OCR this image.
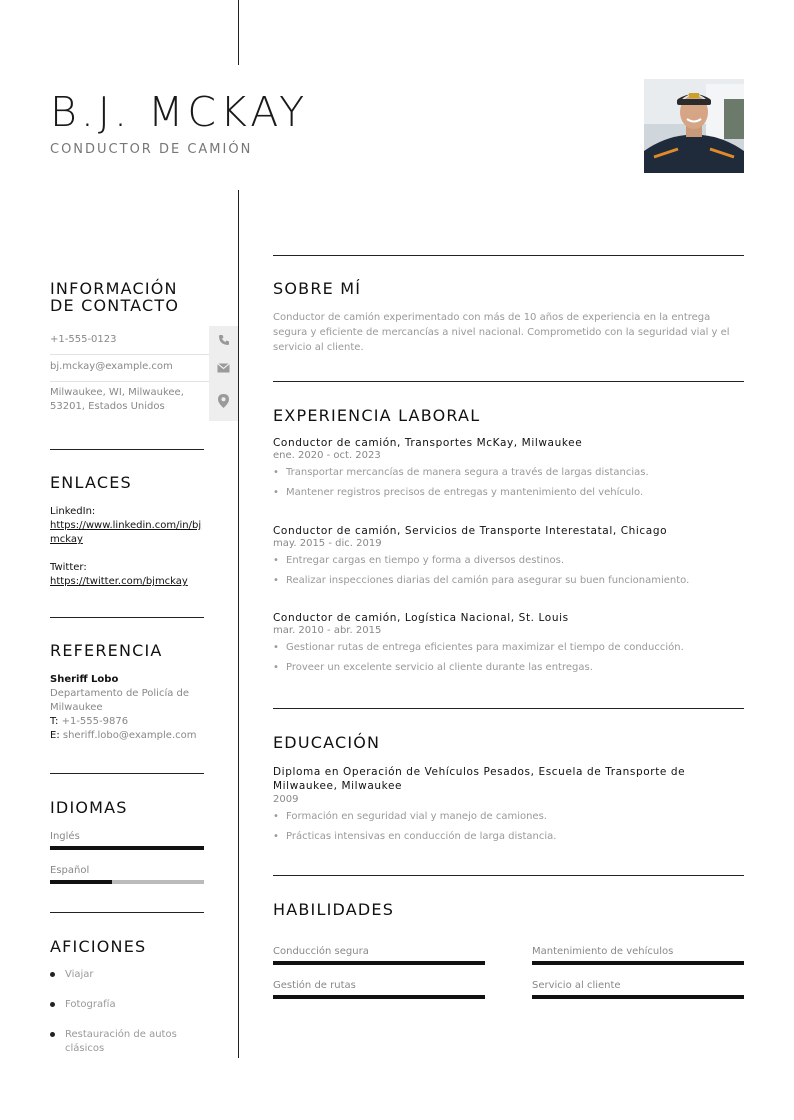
B.J. MCKAY
CONDUCTOR DE CAMIÓN
INFORMACIÓN
DE CONTACTO
+1-555-0123
bj.mckay@example.com
Milwaukee, WI, Milwaukee, 53201, Estados Unidos
ENLACES
LinkedIn:
https://www.linkedin.com/in/bjmckay
Twitter:
https://twitter.com/bjmckay
REFERENCIA
Sheriff Lobo
Departamento de Policía de Milwaukee
T: +1-555-9876
E: sheriff.lobo@example.com
IDIOMAS
Inglés
Español
AFICIONES
Viajar
Fotografía
Restauración de autos clásicos
SOBRE MÍ
Conductor de camión experimentado con más de 10 años de experiencia en la entrega segura y eficiente de mercancías a nivel nacional. Comprometido con la seguridad vial y el servicio al cliente.
EXPERIENCIA LABORAL
Conductor de camión, Transportes McKay, Milwaukee
ene. 2020 - oct. 2023
• Transportar mercancías de manera segura a través de largas distancias.
• Mantener registros precisos de entregas y mantenimiento del vehículo.
Conductor de camión, Servicios de Transporte Interestatal, Chicago
may. 2015 - dic. 2019
• Entregar cargas en tiempo y forma a diversos destinos.
• Realizar inspecciones diarias del camión para asegurar su buen funcionamiento.
Conductor de camión, Logística Nacional, St. Louis
mar. 2010 - abr. 2015
• Gestionar rutas de entrega eficientes para maximizar el tiempo de conducción.
• Proveer un excelente servicio al cliente durante las entregas.
EDUCACIÓN
Diploma en Operación de Vehículos Pesados, Escuela de Transporte de Milwaukee, Milwaukee
2009
• Formación en seguridad vial y manejo de camiones.
• Prácticas intensivas en conducción de larga distancia.
HABILIDADES
Conducción segura	Mantenimiento de vehículos
Gestión de rutas	Servicio al cliente
